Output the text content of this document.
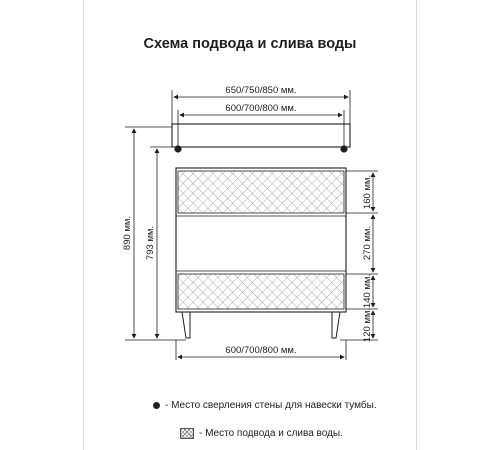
Схема подвода и слива воды
650/750/850 мм.
600/700/800 мм.
600/700/800 мм.
890 мм. 793 мм.
160 мм.
270 мм.
140 мм.
120 мм.
- Место сверления стены для навески тумбы.
- Место подвода и слива воды.
